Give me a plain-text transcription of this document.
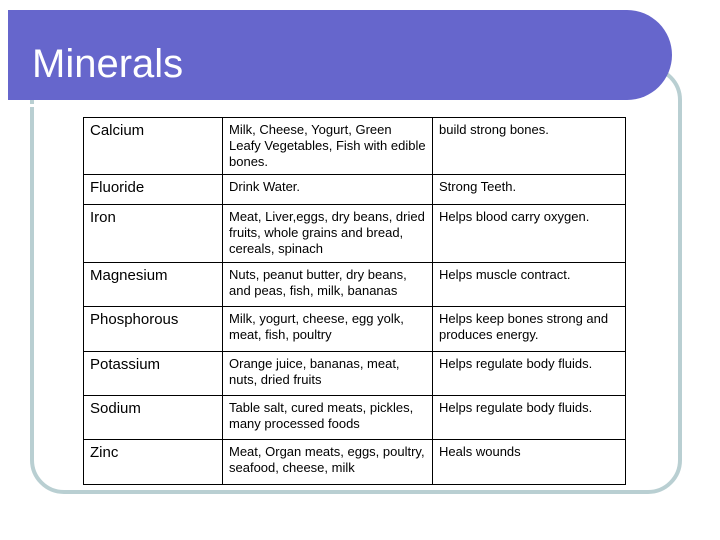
Minerals
Calcium	Milk, Cheese, Yogurt, Green Leafy Vegetables, Fish with edible bones.	build strong bones.
Fluoride	Drink Water.	Strong Teeth.
Iron	Meat, Liver,eggs, dry beans, dried fruits, whole grains and bread, cereals, spinach	Helps blood carry oxygen.
Magnesium	Nuts, peanut butter, dry beans, and peas, fish, milk, bananas	Helps muscle contract.
Phosphorous	Milk, yogurt, cheese, egg yolk, meat, fish, poultry	Helps keep bones strong and produces energy.
Potassium	Orange juice, bananas, meat, nuts, dried fruits	Helps regulate body fluids.
Sodium	Table salt, cured meats, pickles, many processed foods	Helps regulate body fluids.
Zinc	Meat, Organ meats, eggs, poultry, seafood, cheese, milk	Heals wounds
